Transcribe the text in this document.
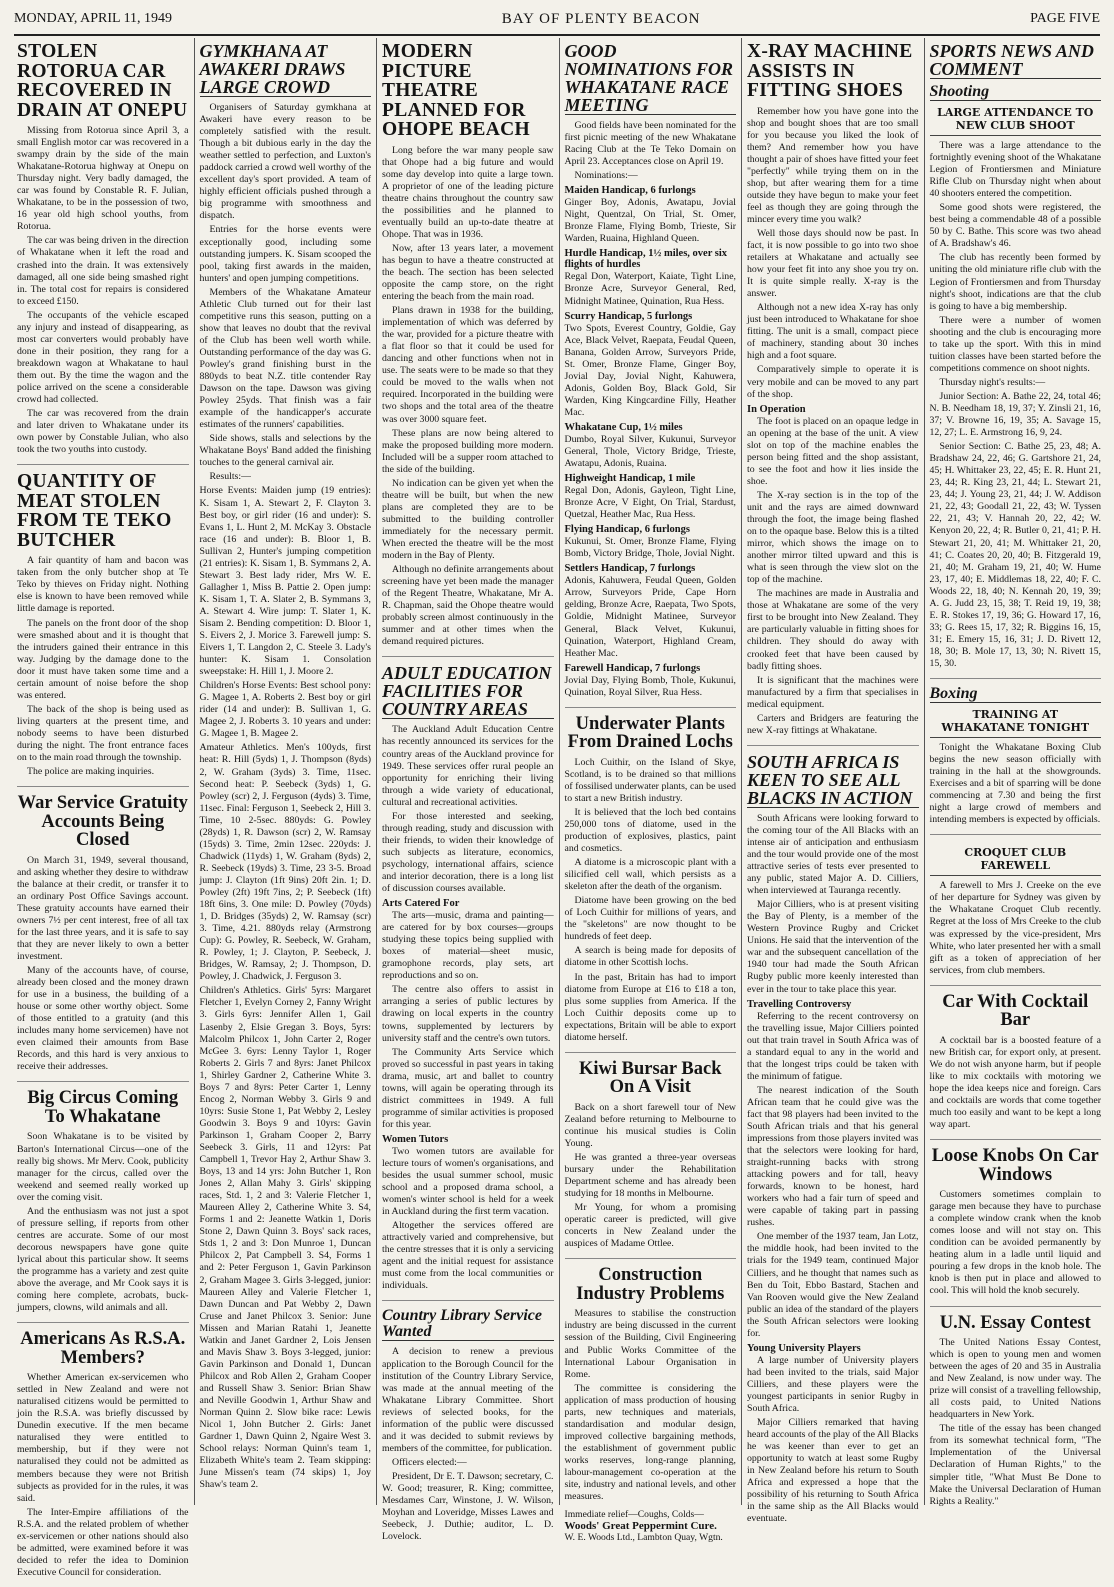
MONDAY, APRIL 11, 1949	BAY OF PLENTY BEACON	PAGE FIVE
STOLEN ROTORUA CAR RECOVERED IN DRAIN AT ONEPU

Missing from Rotorua since April 3, a small English motor car was recovered in a swampy drain by the side of the main Whakatane-Rotorua highway at Onepu on Thursday night. Very badly damaged, the car was found by Constable R. F. Julian, Whakatane, to be in the possession of two, 16 year old high school youths, from Rotorua.

The car was being driven in the direction of Whakatane when it left the road and crashed into the drain. It was extensively damaged, all one side being smashed right in. The total cost for repairs is considered to exceed £150.

The occupants of the vehicle escaped any injury and instead of disappearing, as most car converters would probably have done in their position, they rang for a breakdown wagon at Whakatane to haul them out. By the time the wagon and the police arrived on the scene a considerable crowd had collected.

The car was recovered from the drain and later driven to Whakatane under its own power by Constable Julian, who also took the two youths into custody.

QUANTITY OF MEAT STOLEN FROM TE TEKO BUTCHER

A fair quantity of ham and bacon was taken from the only butcher shop at Te Teko by thieves on Friday night. Nothing else is known to have been removed while little damage is reported.

The panels on the front door of the shop were smashed about and it is thought that the intruders gained their entrance in this way. Judging by the damage done to the door it must have taken some time and a certain amount of noise before the shop was entered.

The back of the shop is being used as living quarters at the present time, and nobody seems to have been disturbed during the night. The front entrance faces on to the main road through the township.

The police are making inquiries.

War Service Gratuity Accounts Being Closed

On March 31, 1949, several thousand, and asking whether they desire to withdraw the balance at their credit, or transfer it to an ordinary Post Office Savings account. These gratuity accounts have earned their owners 7½ per cent interest, free of all tax for the last three years, and it is safe to say that they are never likely to own a better investment.

Many of the accounts have, of course, already been closed and the money drawn for use in a business, the building of a house or some other worthy object. Some of those entitled to a gratuity (and this includes many home servicemen) have not even claimed their amounts from Base Records, and this hard is very anxious to receive their addresses.

Big Circus Coming To Whakatane

Soon Whakatane is to be visited by Barton's International Circus—one of the really big shows. Mr Merv. Cook, publicity manager for the circus, called over the weekend and seemed really worked up over the coming visit.

And the enthusiasm was not just a spot of pressure selling, if reports from other centres are accurate. Some of our most decorous newspapers have gone quite lyrical about this particular show. It seems the programme has a variety and zest quite above the average, and Mr Cook says it is coming here complete, acrobats, buck-jumpers, clowns, wild animals and all.

Americans As R.S.A. Members?

Whether American ex-servicemen who settled in New Zealand and were not naturalised citizens would be permitted to join the R.S.A. was briefly discussed by Dunedin executive. If the men became naturalised they were entitled to membership, but if they were not naturalised they could not be admitted as members because they were not British subjects as provided for in the rules, it was said.

The Inter-Empire affiliations of the R.S.A. and the related problem of whether ex-servicemen or other nations should also be admitted, were examined before it was decided to refer the idea to Dominion Executive Council for consideration.

GYMKHANA AT AWAKERI DRAWS LARGE CROWD

Organisers of Saturday gymkhana at Awakeri have every reason to be completely satisfied with the result. Though a bit dubious early in the day the weather settled to perfection, and Luxton's paddock carried a crowd well worthy of the excellent day's sport provided. A team of highly efficient officials pushed through a big programme with smoothness and dispatch.

Entries for the horse events were exceptionally good, including some outstanding jumpers. K. Sisam scooped the pool, taking first awards in the maiden, hunters' and open jumping competitions.

Members of the Whakatane Amateur Athletic Club turned out for their last competitive runs this season, putting on a show that leaves no doubt that the revival of the Club has been well worth while. Outstanding performance of the day was G. Powley's grand finishing burst in the 880yds to beat N.Z. title contender Ray Dawson on the tape. Dawson was giving Powley 25yds. That finish was a fair example of the handicapper's accurate estimates of the runners' capabilities.

Side shows, stalls and selections by the Whakatane Boys' Band added the finishing touches to the general carnival air.

Results:—

Horse Events: Maiden jump (19 entries): K. Sisam 1, A. Stewart 2, F. Clayton 3. Best boy, or girl rider (16 and under): S. Evans 1, L. Hunt 2, M. McKay 3. Obstacle race (16 and under): B. Bloor 1, B. Sullivan 2, Hunter's jumping competition (21 entries): K. Sisam 1, B. Symmans 2, A. Stewart 3. Best lady rider, Mrs W. E. Gallagher 1, Miss B. Pattie 2. Open jump: K. Sisam 1, T. A. Slater 2, B. Symmans 3, A. Stewart 4. Wire jump: T. Slater 1, K. Sisam 2. Bending competition: D. Bloor 1, S. Eivers 2, J. Morice 3. Farewell jump: S. Eivers 1, T. Langdon 2, C. Steele 3. Lady's hunter: K. Sisam 1. Consolation sweepstake: H. Hill 1, J. Moore 2.

Children's Horse Events: Best school pony: G. Magee 1, A. Roberts 2. Best boy or girl rider (14 and under): B. Sullivan 1, G. Magee 2, J. Roberts 3. 10 years and under: G. Magee 1, B. Magee 2.

Amateur Athletics. Men's 100yds, first heat: R. Hill (5yds) 1, J. Thompson (8yds) 2, W. Graham (3yds) 3. Time, 11sec. Second heat: P. Seebeck (3yds) 1, G. Powley (scr) 2, J. Ferguson (4yds) 3. Time, 11sec. Final: Ferguson 1, Seebeck 2, Hill 3. Time, 10 2-5sec. 880yds: G. Powley (28yds) 1, R. Dawson (scr) 2, W. Ramsay (15yds) 3. Time, 2min 12sec. 220yds: J. Chadwick (11yds) 1, W. Graham (8yds) 2, R. Seebeck (19yds) 3. Time, 23 3-5. Broad jump: J. Clayton (1ft 9ins) 20ft 2in. 1; D. Powley (2ft) 19ft 7ins, 2; P. Seebeck (1ft) 18ft 6ins, 3. One mile: D. Powley (70yds) 1, D. Bridges (35yds) 2, W. Ramsay (scr) 3. Time, 4.21. 880yds relay (Armstrong Cup): G. Powley, R. Seebeck, W. Graham, R. Powley, 1; J. Clayton, P. Seebeck, J. Bridges, W. Ramsay, 2; J. Thompson, D. Powley, J. Chadwick, J. Ferguson 3.

Children's Athletics. Girls' 5yrs: Margaret Fletcher 1, Evelyn Corney 2, Fanny Wright 3. Girls 6yrs: Jennifer Allen 1, Gail Lasenby 2, Elsie Gregan 3. Boys, 5yrs: Malcolm Philcox 1, John Carter 2, Roger McGee 3. 6yrs: Lenny Taylor 1, Roger Roberts 2. Girls 7 and 8yrs: Janet Philcox 1, Shirley Gardner 2, Catherine White 3. Boys 7 and 8yrs: Peter Carter 1, Lenny Encog 2, Norman Webby 3. Girls 9 and 10yrs: Susie Stone 1, Pat Webby 2, Lesley Goodwin 3. Boys 9 and 10yrs: Gavin Parkinson 1, Graham Cooper 2, Barry Seebeck 3. Girls, 11 and 12yrs: Pat Campbell 1, Trevor Hay 2, Arthur Shaw 3. Boys, 13 and 14 yrs: John Butcher 1, Ron Jones 2, Allan Mahy 3. Girls' skipping races, Std. 1, 2 and 3: Valerie Fletcher 1, Maureen Alley 2, Catherine White 3. S4, Forms 1 and 2: Jeanette Watkin 1, Doris Stone 2, Dawn Quinn 3. Boys' sack races, Stds 1, 2 and 3: Don Munroe 1, Duncan Philcox 2, Pat Campbell 3. S4, Forms 1 and 2: Peter Ferguson 1, Gavin Parkinson 2, Graham Magee 3. Girls 3-legged, junior: Maureen Alley and Valerie Fletcher 1, Dawn Duncan and Pat Webby 2, Dawn Cruse and Janet Philcox 3. Senior: June Missen and Marian Ratahi 1, Jeanette Watkin and Janet Gardner 2, Lois Jensen and Mavis Shaw 3. Boys 3-legged, junior: Gavin Parkinson and Donald 1, Duncan Philcox and Rob Allen 2, Graham Cooper and Russell Shaw 3. Senior: Brian Shaw and Neville Goodwin 1, Arthur Shaw and Norman Quinn 2. Slow bike race: Lewis Nicol 1, John Butcher 2. Girls: Janet Gardner 1, Dawn Quinn 2, Ngaire West 3. School relays: Norman Quinn's team 1, Elizabeth White's team 2. Team skipping: June Missen's team (74 skips) 1, Joy Shaw's team 2.

MODERN PICTURE THEATRE PLANNED FOR OHOPE BEACH

Long before the war many people saw that Ohope had a big future and would some day develop into quite a large town. A proprietor of one of the leading picture theatre chains throughout the country saw the possibilities and he planned to eventually build an up-to-date theatre at Ohope. That was in 1936.

Now, after 13 years later, a movement has begun to have a theatre constructed at the beach. The section has been selected opposite the camp store, on the right entering the beach from the main road.

Plans drawn in 1938 for the building, implementation of which was deferred by the war, provided for a picture theatre with a flat floor so that it could be used for dancing and other functions when not in use. The seats were to be made so that they could be moved to the walls when not required. Incorporated in the building were two shops and the total area of the theatre was over 3000 square feet.

These plans are now being altered to make the proposed building more modern. Included will be a supper room attached to the side of the building.

No indication can be given yet when the theatre will be built, but when the new plans are completed they are to be submitted to the building controller immediately for the necessary permit. When erected the theatre will be the most modern in the Bay of Plenty.

Although no definite arrangements about screening have yet been made the manager of the Regent Theatre, Whakatane, Mr A. R. Chapman, said the Ohope theatre would probably screen almost continuously in the summer and at other times when the demand required pictures.

ADULT EDUCATION FACILITIES FOR COUNTRY AREAS

The Auckland Adult Education Centre has recently announced its services for the country areas of the Auckland province for 1949. These services offer rural people an opportunity for enriching their living through a wide variety of educational, cultural and recreational activities.

For those interested and seeking, through reading, study and discussion with their friends, to widen their knowledge of such subjects as literature, economics, psychology, international affairs, science and interior decoration, there is a long list of discussion courses available.

Arts Catered For

The arts—music, drama and painting—are catered for by box courses—groups studying these topics being supplied with boxes of material—sheet music, gramophone records, play sets, art reproductions and so on.

The centre also offers to assist in arranging a series of public lectures by drawing on local experts in the country towns, supplemented by lecturers by university staff and the centre's own tutors.

The Community Arts Service which proved so successful in past years in taking drama, music, art and ballet to country towns, will again be operating through its district committees in 1949. A full programme of similar activities is proposed for this year.

Women Tutors

Two women tutors are available for lecture tours of women's organisations, and besides the usual summer school, music school and a proposed drama school, a women's winter school is held for a week in Auckland during the first term vacation.

Altogether the services offered are attractively varied and comprehensive, but the centre stresses that it is only a servicing agent and the initial request for assistance must come from the local communities or individuals.

Country Library Service Wanted

A decision to renew a previous application to the Borough Council for the institution of the Country Library Service, was made at the annual meeting of the Whakatane Library Committee. Short reviews of selected books, for the information of the public were discussed and it was decided to submit reviews by members of the committee, for publication.

Officers elected:—

President, Dr E. T. Dawson; secretary, C. W. Good; treasurer, R. King; committee, Mesdames Carr, Winstone, J. W. Wilson, Moyhan and Loveridge, Misses Lawes and Seebeck, J. Duthie; auditor, L. D. Lovelock.

GOOD NOMINATIONS FOR WHAKATANE RACE MEETING

Good fields have been nominated for the first picnic meeting of the new Whakatane Racing Club at the Te Teko Domain on April 23. Acceptances close on April 19.

Nominations:—

Maiden Handicap, 6 furlongs

Ginger Boy, Adonis, Awatapu, Jovial Night, Quentzal, On Trial, St. Omer, Bronze Flame, Flying Bomb, Trieste, Sir Warden, Ruaina, Highland Queen.

Hurdle Handicap, 1½ miles, over six flights of hurdles

Regal Don, Waterport, Kaiate, Tight Line, Bronze Acre, Surveyor General, Red, Midnight Matinee, Quination, Rua Hess.

Scurry Handicap, 5 furlongs

Two Spots, Everest Country, Goldie, Gay Ace, Black Velvet, Raepata, Feudal Queen, Banana, Golden Arrow, Surveyors Pride, St. Omer, Bronze Flame, Ginger Boy, Jovial Day, Jovial Night, Kahuwera, Adonis, Golden Boy, Black Gold, Sir Warden, King Kingcardine Filly, Heather Mac.

Whakatane Cup, 1½ miles

Dumbo, Royal Silver, Kukunui, Surveyor General, Thole, Victory Bridge, Trieste, Awatapu, Adonis, Ruaina.

Highweight Handicap, 1 mile

Regal Don, Adonis, Gayleon, Tight Line, Bronze Acre, V Eight, On Trial, Stardust, Quetzal, Heather Mac, Rua Hess.

Flying Handicap, 6 furlongs

Kukunui, St. Omer, Bronze Flame, Flying Bomb, Victory Bridge, Thole, Jovial Night.

Settlers Handicap, 7 furlongs

Adonis, Kahuwera, Feudal Queen, Golden Arrow, Surveyors Pride, Cape Horn gelding, Bronze Acre, Raepata, Two Spots, Goldie, Midnight Matinee, Surveyor General, Black Velvet, Kukunui, Quination, Waterport, Highland Cream, Heather Mac.

Farewell Handicap, 7 furlongs

Jovial Day, Flying Bomb, Thole, Kukunui, Quination, Royal Silver, Rua Hess.

Underwater Plants From Drained Lochs

Loch Cuithir, on the Island of Skye, Scotland, is to be drained so that millions of fossilised underwater plants, can be used to start a new British industry.

It is believed that the loch bed contains 250,000 tons of diatome, used in the production of explosives, plastics, paint and cosmetics.

A diatome is a microscopic plant with a silicified cell wall, which persists as a skeleton after the death of the organism.

Diatome have been growing on the bed of Loch Cuithir for millions of years, and the "skeletons" are now thought to be hundreds of feet deep.

A search is being made for deposits of diatome in other Scottish lochs.

In the past, Britain has had to import diatome from Europe at £16 to £18 a ton, plus some supplies from America. If the Loch Cuithir deposits come up to expectations, Britain will be able to export diatome herself.

Kiwi Bursar Back On A Visit

Back on a short farewell tour of New Zealand before returning to Melbourne to continue his musical studies is Colin Young.

He was granted a three-year overseas bursary under the Rehabilitation Department scheme and has already been studying for 18 months in Melbourne.

Mr Young, for whom a promising operatic career is predicted, will give concerts in New Zealand under the auspices of Madame Ottlee.

Construction Industry Problems

Measures to stabilise the construction industry are being discussed in the current session of the Building, Civil Engineering and Public Works Committee of the International Labour Organisation in Rome.

The committee is considering the application of mass production of housing parts, new techniques and materials, standardisation and modular design, improved collective bargaining methods, the establishment of government public works reserves, long-range planning, labour-management co-operation at the site, industry and national levels, and other measures.

Immediate relief—Coughs, Colds—Woods' Great Peppermint Cure.
W. E. Woods Ltd., Lambton Quay, Wgtn.
X-RAY MACHINE ASSISTS IN FITTING SHOES

Remember how you have gone into the shop and bought shoes that are too small for you because you liked the look of them? And remember how you have thought a pair of shoes have fitted your feet "perfectly" while trying them on in the shop, but after wearing them for a time outside they have begun to make your feet feel as though they are going through the mincer every time you walk?

Well those days should now be past. In fact, it is now possible to go into two shoe retailers at Whakatane and actually see how your feet fit into any shoe you try on. It is quite simple really. X-ray is the answer.

Although not a new idea X-ray has only just been introduced to Whakatane for shoe fitting. The unit is a small, compact piece of machinery, standing about 30 inches high and a foot square.

Comparatively simple to operate it is very mobile and can be moved to any part of the shop.

In Operation

The foot is placed on an opaque ledge in an opening at the base of the unit. A view slot on top of the machine enables the person being fitted and the shop assistant, to see the foot and how it lies inside the shoe.

The X-ray section is in the top of the unit and the rays are aimed downward through the foot, the image being flashed on to the opaque base. Below this is a tilted mirror, which shows the image on to another mirror tilted upward and this is what is seen through the view slot on the top of the machine.

The machines are made in Australia and those at Whakatane are some of the very first to be brought into New Zealand. They are particularly valuable in fitting shoes for children. They should do away with crooked feet that have been caused by badly fitting shoes.

It is significant that the machines were manufactured by a firm that specialises in medical equipment.

Carters and Bridgers are featuring the new X-ray fittings at Whakatane.

SOUTH AFRICA IS KEEN TO SEE ALL BLACKS IN ACTION

South Africans were looking forward to the coming tour of the All Blacks with an intense air of anticipation and enthusiasm and the tour would provide one of the most attractive series of tests ever presented to any public, stated Major A. D. Cilliers, when interviewed at Tauranga recently.

Major Cilliers, who is at present visiting the Bay of Plenty, is a member of the Western Province Rugby and Cricket Unions. He said that the intervention of the war and the subsequent cancellation of the 1940 tour had made the South African Rugby public more keenly interested than ever in the tour to take place this year.

Travelling Controversy

Referring to the recent controversy on the travelling issue, Major Cilliers pointed out that train travel in South Africa was of a standard equal to any in the world and that the longest trips could be taken with the minimum of fatigue.

The nearest indication of the South African team that he could give was the fact that 98 players had been invited to the South African trials and that his general impressions from those players invited was that the selectors were looking for hard, straight-running backs with strong attacking powers and for tall, heavy forwards, known to be honest, hard workers who had a fair turn of speed and were capable of taking part in passing rushes.

One member of the 1937 team, Jan Lotz, the middle hook, had been invited to the trials for the 1949 team, continued Major Cilliers, and he thought that names such as Ben du Toit, Ebbo Bastard, Stachen and Van Rooven would give the New Zealand public an idea of the standard of the players the South African selectors were looking for.

Young University Players

A large number of University players had been invited to the trials, said Major Cilliers, and these players were the youngest participants in senior Rugby in South Africa.

Major Cilliers remarked that having heard accounts of the play of the All Blacks he was keener than ever to get an opportunity to watch at least some Rugby in New Zealand before his return to South Africa and expressed a hope that the possibility of his returning to South Africa in the same ship as the All Blacks would eventuate.

SPORTS NEWS AND COMMENT
Shooting
LARGE ATTENDANCE TO NEW CLUB SHOOT

There was a large attendance to the fortnightly evening shoot of the Whakatane Legion of Frontiersmen and Miniature Rifle Club on Thursday night when about 40 shooters entered the competition.

Some good shots were registered, the best being a commendable 48 of a possible 50 by C. Bathe. This score was two ahead of A. Bradshaw's 46.

The club has recently been formed by uniting the old miniature rifle club with the Legion of Frontiersmen and from Thursday night's shoot, indications are that the club is going to have a big membership.

There were a number of women shooting and the club is encouraging more to take up the sport. With this in mind tuition classes have been started before the competitions commence on shoot nights.

Thursday night's results:—

Junior Section: A. Bathe 22, 24, total 46; N. B. Needham 18, 19, 37; Y. Zinsli 21, 16, 37; V. Browne 16, 19, 35; A. Savage 15, 12, 27; L. E. Armstrong 16, 9, 24.

Senior Section: C. Bathe 25, 23, 48; A. Bradshaw 24, 22, 46; G. Gartshore 21, 24, 45; H. Whittaker 23, 22, 45; E. R. Hunt 21, 23, 44; R. King 23, 21, 44; L. Stewart 21, 23, 44; J. Young 23, 21, 44; J. W. Addison 21, 22, 43; Goodall 21, 22, 43; W. Tyssen 22, 21, 43; V. Hannah 20, 22, 42; W. Kenyon 20, 22, 4; R. Butler 0, 21, 41; P. H. Stewart 21, 20, 41; M. Whittaker 21, 20, 41; C. Coates 20, 20, 40; B. Fitzgerald 19, 21, 40; M. Graham 19, 21, 40; W. Hume 23, 17, 40; E. Middlemas 18, 22, 40; F. C. Woods 22, 18, 40; N. Kennah 20, 19, 39; A. G. Judd 23, 15, 38; T. Reid 19, 19, 38; E. R. Stokes 17, 19, 36; G. Howard 17, 16, 33; G. Rees 15, 17, 32; R. Biggins 16, 15, 31; E. Emery 15, 16, 31; J. D. Rivett 12, 18, 30; B. Mole 17, 13, 30; N. Rivett 15, 15, 30.

Boxing
TRAINING AT WHAKATANE TONIGHT

Tonight the Whakatane Boxing Club begins the new season officially with training in the hall at the showgrounds. Exercises and a bit of sparring will be done commencing at 7.30 and being the first night a large crowd of members and intending members is expected by officials.

CROQUET CLUB FAREWELL

A farewell to Mrs J. Creeke on the eve of her departure for Sydney was given by the Whakatane Croquet Club recently. Regret at the loss of Mrs Creeke to the club was expressed by the vice-president, Mrs White, who later presented her with a small gift as a token of appreciation of her services, from club members.

Car With Cocktail Bar

A cocktail bar is a boosted feature of a new British car, for export only, at present. We do not wish anyone harm, but if people like to mix cocktails with motoring we hope the idea keeps nice and foreign. Cars and cocktails are words that come together much too easily and want to be kept a long way apart.

Loose Knobs On Car Windows

Customers sometimes complain to garage men because they have to purchase a complete window crank when the knob comes loose and will not stay on. This condition can be avoided permanently by heating alum in a ladle until liquid and pouring a few drops in the knob hole. The knob is then put in place and allowed to cool. This will hold the knob securely.

U.N. Essay Contest

The United Nations Essay Contest, which is open to young men and women between the ages of 20 and 35 in Australia and New Zealand, is now under way. The prize will consist of a travelling fellowship, all costs paid, to United Nations headquarters in New York.

The title of the essay has been changed from its somewhat technical form, "The Implementation of the Universal Declaration of Human Rights," to the simpler title, "What Must Be Done to Make the Universal Declaration of Human Rights a Reality."
